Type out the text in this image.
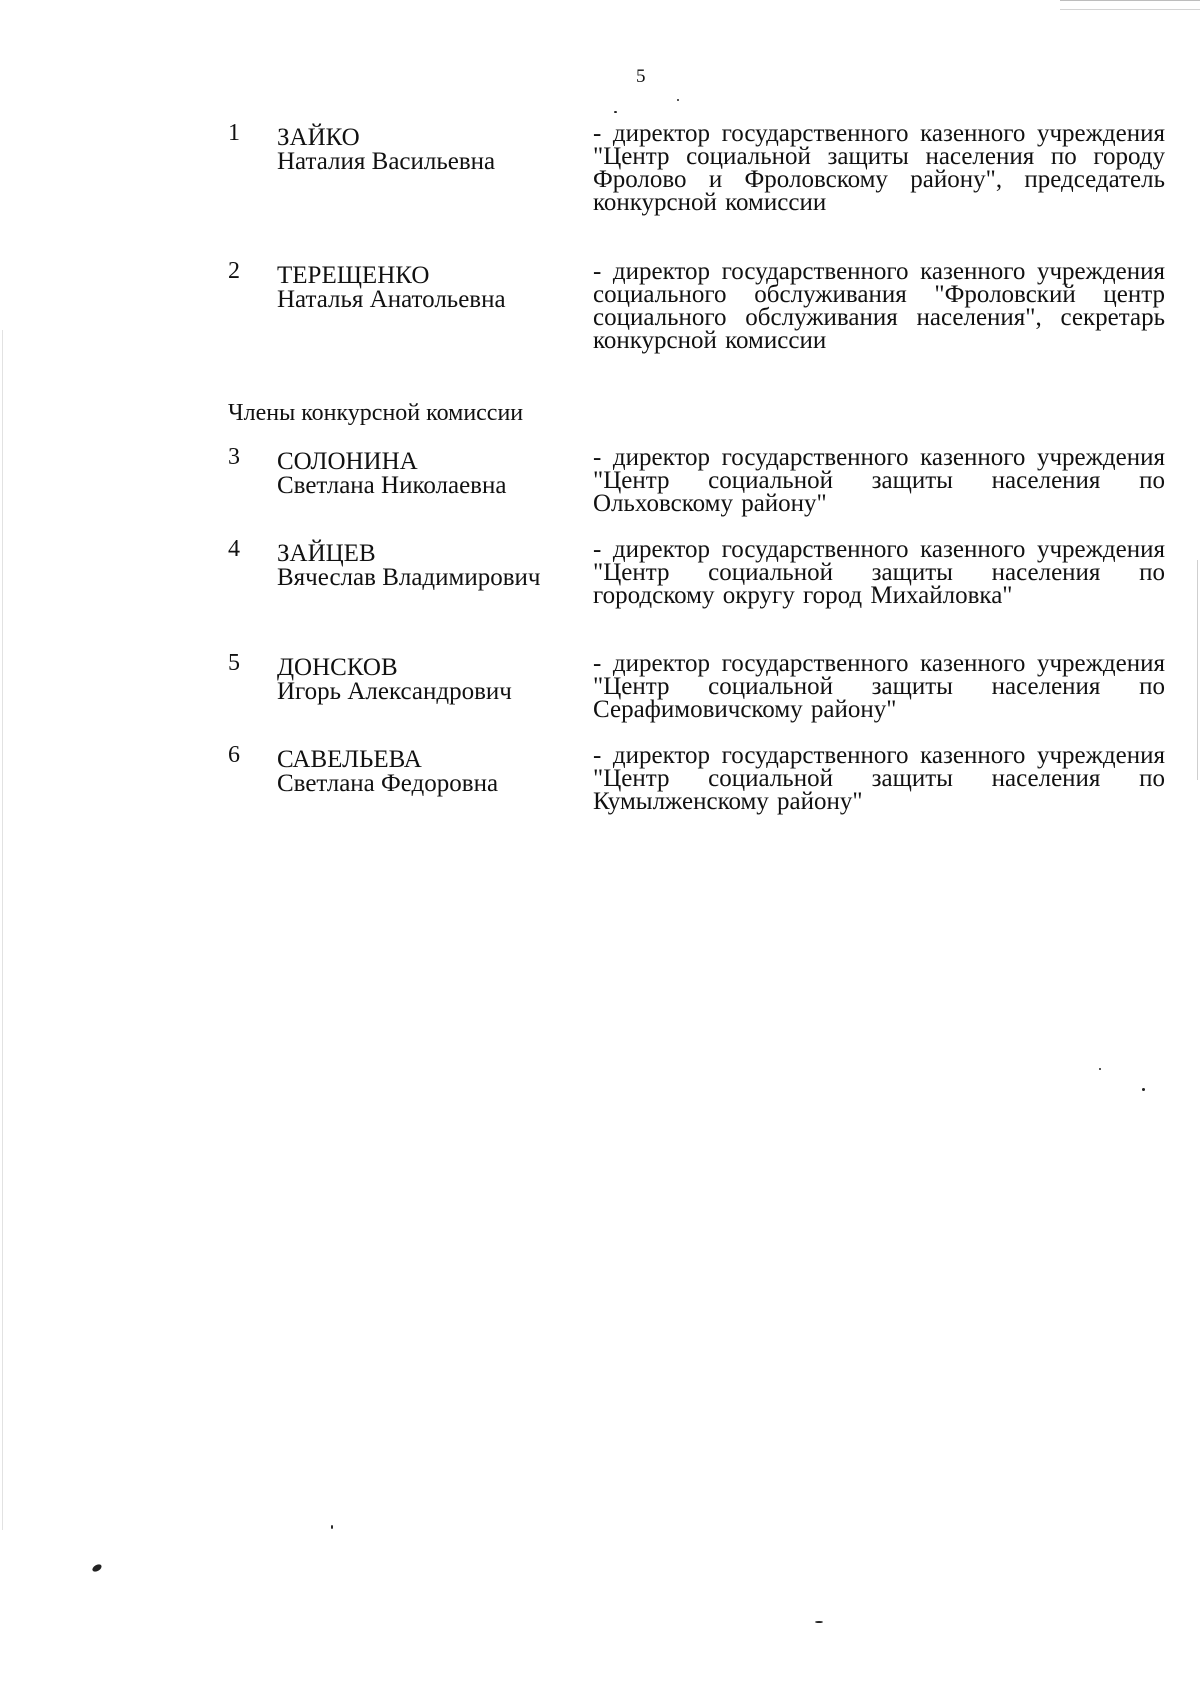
5
1 ЗАЙКО
Наталия Васильевна
- директор государственного казенного учреждения "Центр социальной защиты населения по городу Фролово и Фроловскому району", председатель конкурсной комиссии
2 ТЕРЕЩЕНКО
Наталья Анатольевна
- директор государственного казенного учреждения социального обслуживания "Фроловский центр социального обслуживания населения", секретарь конкурсной комиссии
Члены конкурсной комиссии
3 СОЛОНИНА
Светлана Николаевна
- директор государственного казенного учреждения "Центр социальной защиты населения по Ольховскому району"
4 ЗАЙЦЕВ
Вячеслав Владимирович
- директор государственного казенного учреждения "Центр социальной защиты населения по городскому округу город Михайловка"
5 ДОНСКОВ
Игорь Александрович
- директор государственного казенного учреждения "Центр социальной защиты населения по Серафимовичскому району"
6 САВЕЛЬЕВА
Светлана Федоровна
- директор государственного казенного учреждения "Центр социальной защиты населения по Кумылженскому району"
